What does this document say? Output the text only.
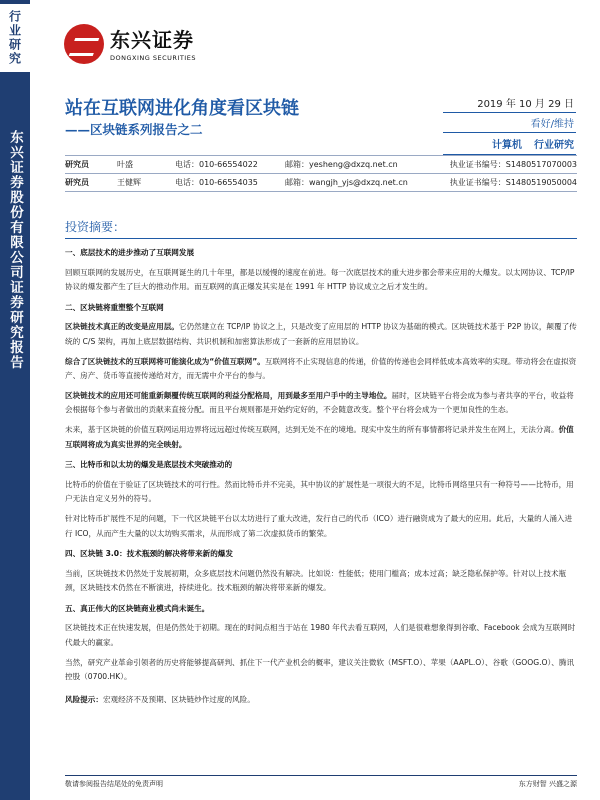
行业研究
东兴证券股份有限公司证券研究报告
东兴证券
DONGXING SECURITIES
站在互联网进化角度看区块链
——区块链系列报告之二
2019 年 10 月 29 日
看好/维持
计算机 行业研究
研究员	叶盛	电话：010-66554022	邮箱：yesheng@dxzq.net.cn	执业证书编号：S1480517070003
研究员	王健辉	电话：010-66554035	邮箱：wangjh_yjs@dxzq.net.cn	执业证书编号：S1480519050004
投资摘要：
一、底层技术的进步推动了互联网发展

回顾互联网的发展历史，在互联网诞生的几十年里，都是以缓慢的速度在前进。每一次底层技术的重大进步都会带来应用的大爆发。以太网协议、TCP/IP 协议的爆发都产生了巨大的推动作用。而互联网的真正爆发其实是在 1991 年 HTTP 协议成立之后才发生的。

二、区块链将重塑整个互联网

区块链技术真正的改变是应用层。它仍然建立在 TCP/IP 协议之上，只是改变了应用层的 HTTP 协议为基础的模式。区块链技术基于 P2P 协议，颠覆了传统的 C/S 架构，再加上底层数据结构、共识机制和加密算法形成了一套新的应用层协议。

综合了区块链技术的互联网将可能演化成为“价值互联网”。互联网将不止实现信息的传递，价值的传递也会同样低成本高效率的实现。带动将会在虚拟资产、房产、货币等直接传递给对方，而无需中介平台的参与。

区块链技术的应用还可能重新颠覆传统互联网的利益分配格局，用到最多至用户手中的主导地位。届时，区块链平台将会成为参与者共享的平台，收益将会根据每个参与者做出的贡献来直接分配。而且平台规则都是开始约定好的，不会随意改变。整个平台将会成为一个更加良性的生态。

未来，基于区块链的价值互联网运用边界将远远超过传统互联网，达到无处不在的境地。现实中发生的所有事情都将记录并发生在网上，无法分离。价值互联网将成为真实世界的完全映射。

三、比特币和以太坊的爆发是底层技术突破推动的

比特币的价值在于验证了区块链技术的可行性。然而比特币并不完美，其中协议的扩展性是一项很大的不足，比特币网络里只有一种符号——比特币，用户无法自定义另外的符号。

针对比特币扩展性不足的问题，下一代区块链平台以太坊进行了重大改进，发行自己的代币（ICO）进行融资成为了最大的应用。此后，大量的人涌入进行 ICO，从而产生大量的以太坊购买需求，从而形成了第二次虚拟货币的繁荣。

四、区块链 3.0：技术瓶颈的解决将带来新的爆发

当前，区块链技术仍然处于发展初期，众多底层技术问题仍然没有解决。比如说：性能低；使用门槛高；成本过高；缺乏隐私保护等。针对以上技术瓶颈，区块链技术仍然在不断演进，持续进化。技术瓶颈的解决将带来新的爆发。

五、真正伟大的区块链商业模式尚未诞生。

区块链技术正在快速发展，但是仍然处于初期。现在的时间点相当于站在 1980 年代去看互联网，人们是很难想象得到谷歌、Facebook 会成为互联网时代最大的赢家。

当然，研究产业革命引领者的历史将能够提高研判、抓住下一代产业机会的概率，建议关注微软（MSFT.O）、苹果（AAPL.O）、谷歌（GOOG.O）、腾讯控股（0700.HK）。

风险提示：宏观经济不及预期、区块链炒作过度的风险。

敬请参阅报告结尾处的免责声明	东方财智 兴盛之源
